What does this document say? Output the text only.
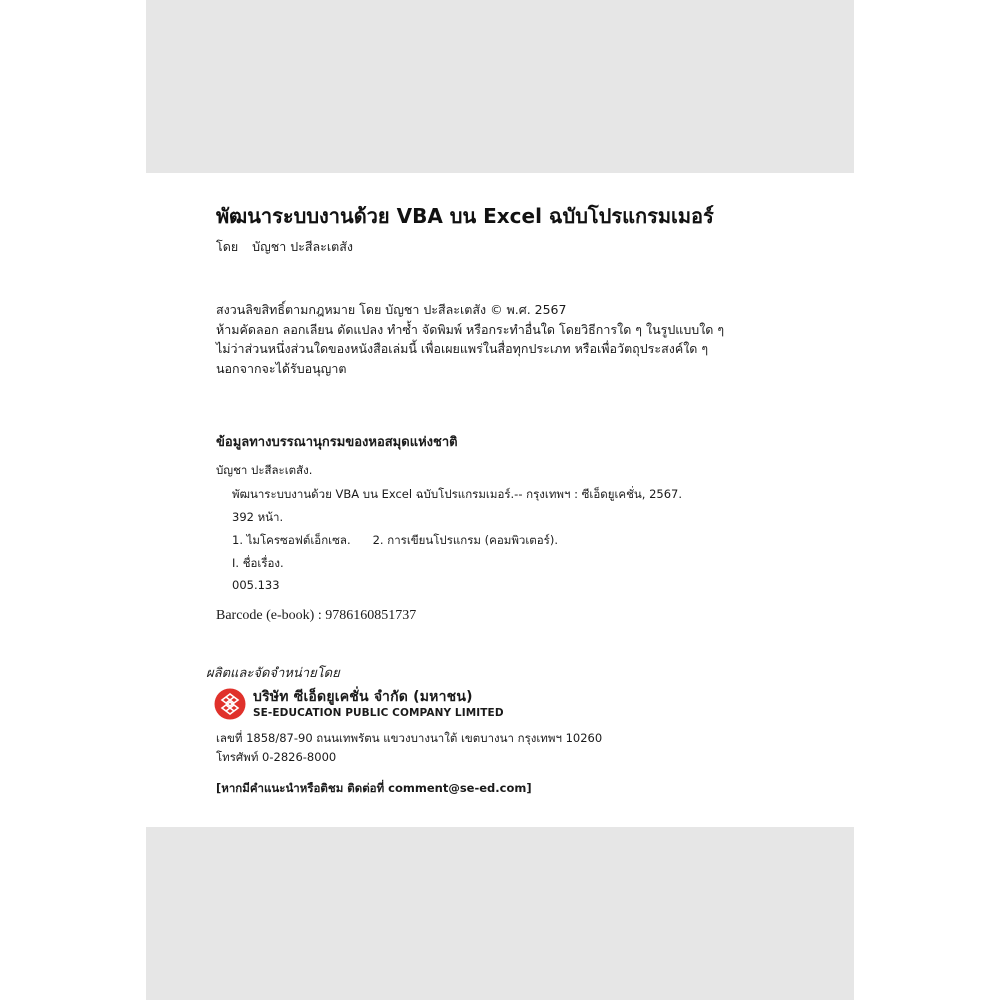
พัฒนาระบบงานด้วย VBA บน Excel ฉบับโปรแกรมเมอร์
โดย บัญชา ปะสีละเตสัง
สงวนลิขสิทธิ์ตามกฎหมาย โดย บัญชา ปะสีละเตสัง © พ.ศ. 2567
ห้ามคัดลอก ลอกเลียน ดัดแปลง ทำซ้ำ จัดพิมพ์ หรือกระทำอื่นใด โดยวิธีการใด ๆ ในรูปแบบใด ๆ
ไม่ว่าส่วนหนึ่งส่วนใดของหนังสือเล่มนี้ เพื่อเผยแพร่ในสื่อทุกประเภท หรือเพื่อวัตถุประสงค์ใด ๆ
นอกจากจะได้รับอนุญาต
ข้อมูลทางบรรณานุกรมของหอสมุดแห่งชาติ
บัญชา ปะสีละเตสัง.
พัฒนาระบบงานด้วย VBA บน Excel ฉบับโปรแกรมเมอร์.-- กรุงเทพฯ : ซีเอ็ดยูเคชั่น, 2567.
392 หน้า.
1. ไมโครซอฟต์เอ็กเซล. 2. การเขียนโปรแกรม (คอมพิวเตอร์).
I. ชื่อเรื่อง.
005.133
Barcode (e-book) : 9786160851737
ผลิตและจัดจำหน่ายโดย
บริษัท ซีเอ็ดยูเคชั่น จำกัด (มหาชน)
SE-EDUCATION PUBLIC COMPANY LIMITED
เลขที่ 1858/87-90 ถนนเทพรัตน แขวงบางนาใต้ เขตบางนา กรุงเทพฯ 10260
โทรศัพท์ 0-2826-8000
[หากมีคำแนะนำหรือติชม ติดต่อที่ comment@se-ed.com]
